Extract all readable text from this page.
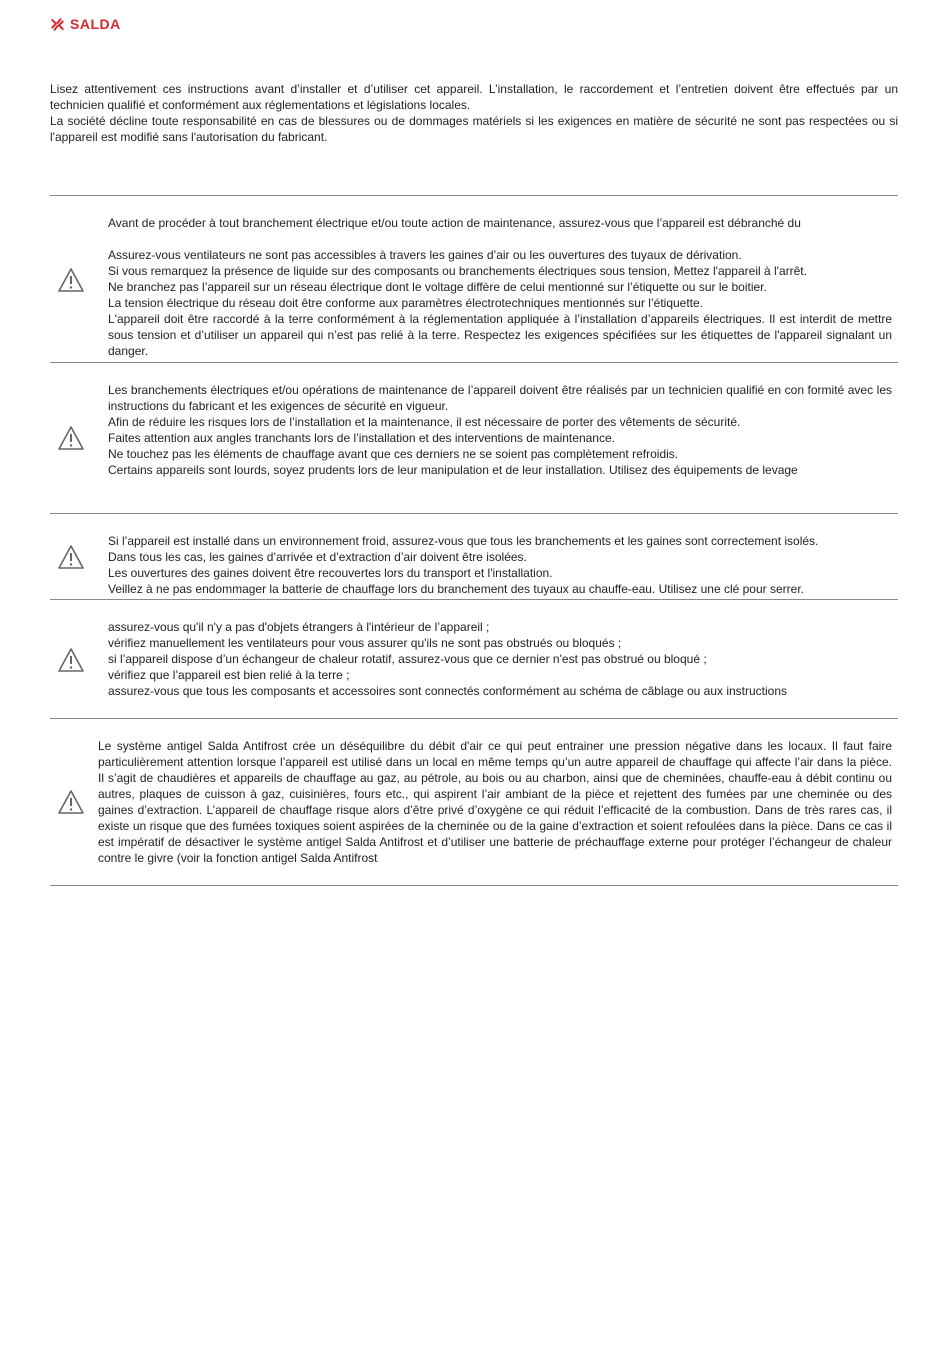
SALDA

Lisez attentivement ces instructions avant d’installer et d’utiliser cet appareil. L’installation, le raccordement et l’entretien doivent être effectués par un technicien qualifié et conformément aux réglementations et législations locales.

La société décline toute responsabilité en cas de blessures ou de dommages matériels si les exigences en matière de sécurité ne sont pas respectées ou si l'appareil est modifié sans l'autorisation du fabricant.

Avant de procéder à tout branchement électrique et/ou toute action de maintenance, assurez-vous que l’appareil est débranché du
Assurez-vous ventilateurs ne sont pas accessibles à travers les gaines d’air ou les ouvertures des tuyaux de dérivation.
Si vous remarquez la présence de liquide sur des composants ou branchements électriques sous tension, Mettez l'appareil à l'arrêt.
Ne branchez pas l’appareil sur un réseau électrique dont le voltage diffère de celui mentionné sur l’étiquette ou sur le boitier.
La tension électrique du réseau doit être conforme aux paramètres électrotechniques mentionnés sur l’étiquette.
L'appareil doit être raccordé à la terre conformément à la réglementation appliquée à l’installation d’appareils électriques. Il est interdit de mettre sous tension et d’utiliser un appareil qui n’est pas relié à la terre. Respectez les exigences spécifiées sur les étiquettes de l'appareil signalant un danger.
Les branchements électriques et/ou opérations de maintenance de l’appareil doivent être réalisés par un technicien qualifié en con formité avec les instructions du fabricant et les exigences de sécurité en vigueur.
Afin de réduire les risques lors de l’installation et la maintenance, il est nécessaire de porter des vêtements de sécurité.
Faites attention aux angles tranchants lors de l’installation et des interventions de maintenance.
Ne touchez pas les éléments de chauffage avant que ces derniers ne se soient pas complètement refroidis.
Certains appareils sont lourds, soyez prudents lors de leur manipulation et de leur installation. Utilisez des équipements de levage
Si l’appareil est installé dans un environnement froid, assurez-vous que tous les branchements et les gaines sont correctement isolés.
Dans tous les cas, les gaines d’arrivée et d’extraction d’air doivent être isolées.
Les ouvertures des gaines doivent être recouvertes lors du transport et l'installation.
Veillez à ne pas endommager la batterie de chauffage lors du branchement des tuyaux au chauffe-eau. Utilisez une clé pour serrer.
assurez-vous qu'il n'y a pas d'objets étrangers à l'intérieur de l’appareil ;
vérifiez manuellement les ventilateurs pour vous assurer qu'ils ne sont pas obstrués ou bloqués ;
si l’appareil dispose d’un échangeur de chaleur rotatif, assurez-vous que ce dernier n'est pas obstrué ou bloqué ;
vérifiez que l’appareil est bien relié à la terre ;
assurez-vous que tous les composants et accessoires sont connectés conformément au schéma de câblage ou aux instructions
Le système antigel Salda Antifrost crée un déséquilibre du débit d'air ce qui peut entrainer une pression négative dans les locaux. Il faut faire particulièrement attention lorsque l’appareil est utilisé dans un local en même temps qu’un autre appareil de chauffage qui affecte l’air dans la pièce. Il s’agit de chaudières et appareils de chauffage au gaz, au pétrole, au bois ou au charbon, ainsi que de cheminées, chauffe-eau à débit continu ou autres, plaques de cuisson à gaz, cuisinières, fours etc., qui aspirent l’air ambiant de la pièce et rejettent des fumées par une cheminée ou des gaines d’extraction. L’appareil de chauffage risque alors d’être privé d’oxygène ce qui réduit l’efficacité de la combustion. Dans de très rares cas, il existe un risque que des fumées toxiques soient aspirées de la cheminée ou de la gaine d’extraction et soient refoulées dans la pièce. Dans ce cas il est impératif de désactiver le système antigel Salda Antifrost et d’utiliser une batterie de préchauffage externe pour protéger l’échangeur de chaleur contre le givre (voir la fonction antigel Salda Antifrost
